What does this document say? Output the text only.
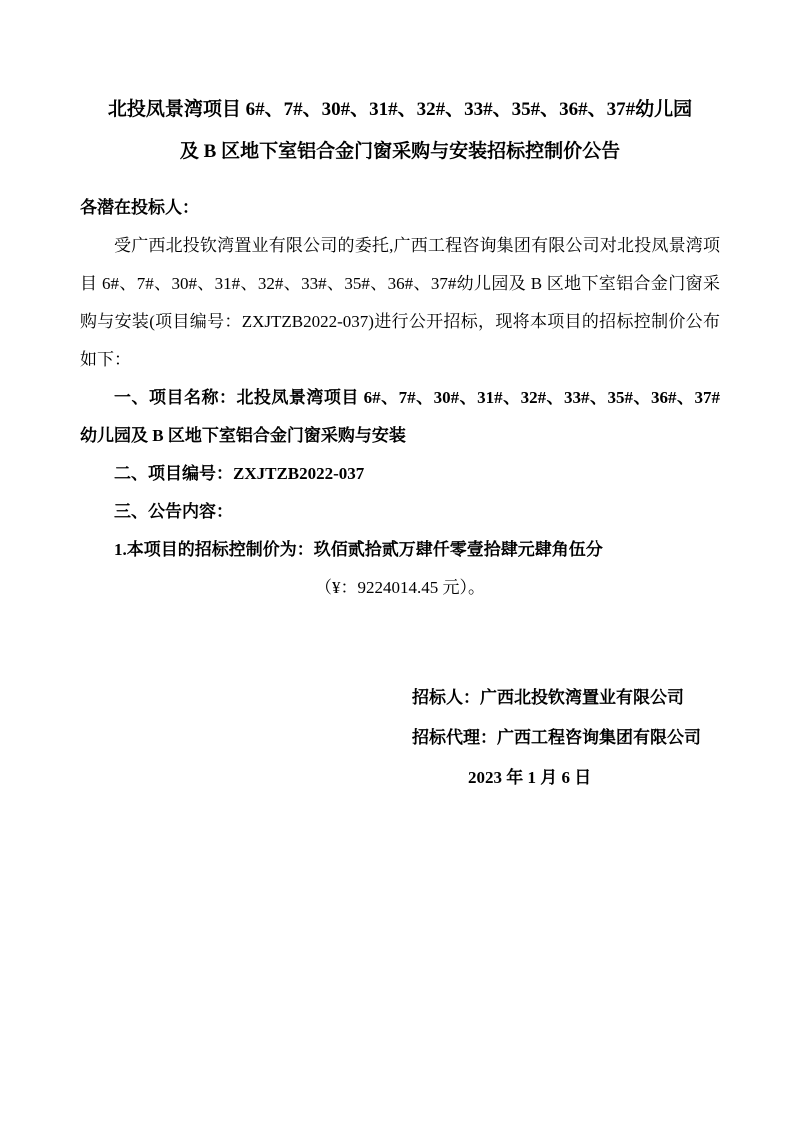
北投凤景湾项目 6#、7#、30#、31#、32#、33#、35#、36#、37#幼儿园
及 B 区地下室铝合金门窗采购与安装招标控制价公告

各潜在投标人：

受广西北投钦湾置业有限公司的委托,广西工程咨询集团有限公司对北投凤景湾项目 6#、7#、30#、31#、32#、33#、35#、36#、37#幼儿园及 B 区地下室铝合金门窗采购与安装(项目编号：ZXJTZB2022-037)进行公开招标，现将本项目的招标控制价公布如下：

一、项目名称：北投凤景湾项目 6#、7#、30#、31#、32#、33#、35#、36#、37#幼儿园及 B 区地下室铝合金门窗采购与安装

二、项目编号：ZXJTZB2022-037

三、公告内容：

1.本项目的招标控制价为：玖佰贰拾贰万肆仟零壹拾肆元肆角伍分

（¥：9224014.45 元）。

招标人：广西北投钦湾置业有限公司

招标代理：广西工程咨询集团有限公司

2023 年 1 月 6 日
